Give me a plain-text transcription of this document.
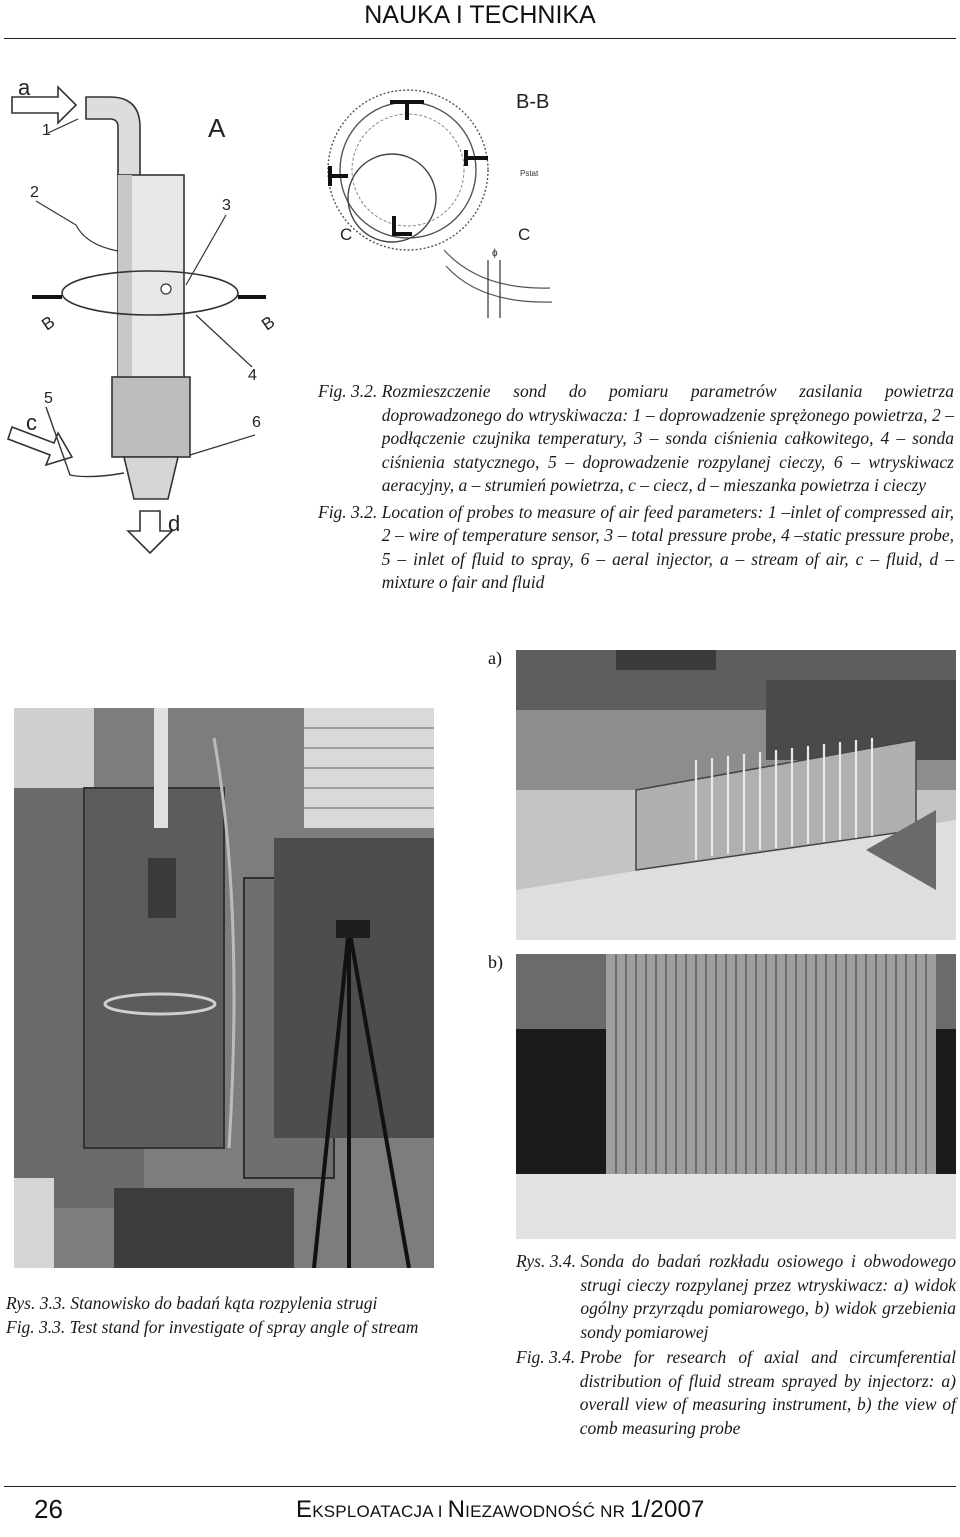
NAUKA I TECHNIKA
a
1	A
2
3
4
6
5
B	B
c
d
B-B
C
Pstat
ϕ
C
Fig. 3.2. Rozmieszczenie sond do pomiaru parametrów zasilania powietrza doprowadzonego do wtryskiwacza: 1 – doprowadzenie sprężonego powietrza, 2 – podłączenie czujnika temperatury, 3 – sonda ciśnienia całkowitego, 4 – sonda ciśnienia statycznego, 5 – doprowadzenie rozpylanej cieczy, 6 – wtryskiwacz aeracyjny, a – strumień powietrza, c – ciecz, d – mieszanka powietrza i cieczy
Fig. 3.2. Location of probes to measure of air feed parameters: 1 –inlet of compressed air, 2 – wire of temperature sensor, 3 – total pressure probe, 4 –static pressure probe, 5 – inlet of fluid to spray, 6 – aeral injector, a – stream of air, c – fluid, d – mixture o fair and fluid
a)
b)
Rys. 3.3. Stanowisko do badań kąta rozpylenia strugi
Fig. 3.3. Test stand for investigate of spray angle of stream
Rys. 3.4. Sonda do badań rozkładu osiowego i obwodowego strugi cieczy rozpylanej przez wtryskiwacz: a) widok ogólny przyrządu pomiarowego, b) widok grzebienia sondy pomiarowej
Fig. 3.4. Probe for research of axial and circumferential distribution of fluid stream sprayed by injectorz: a) overall view of measuring instrument, b) the view of comb measuring probe
26	EKSPLOATACJA I NIEZAWODNOŚĆ NR 1/2007
